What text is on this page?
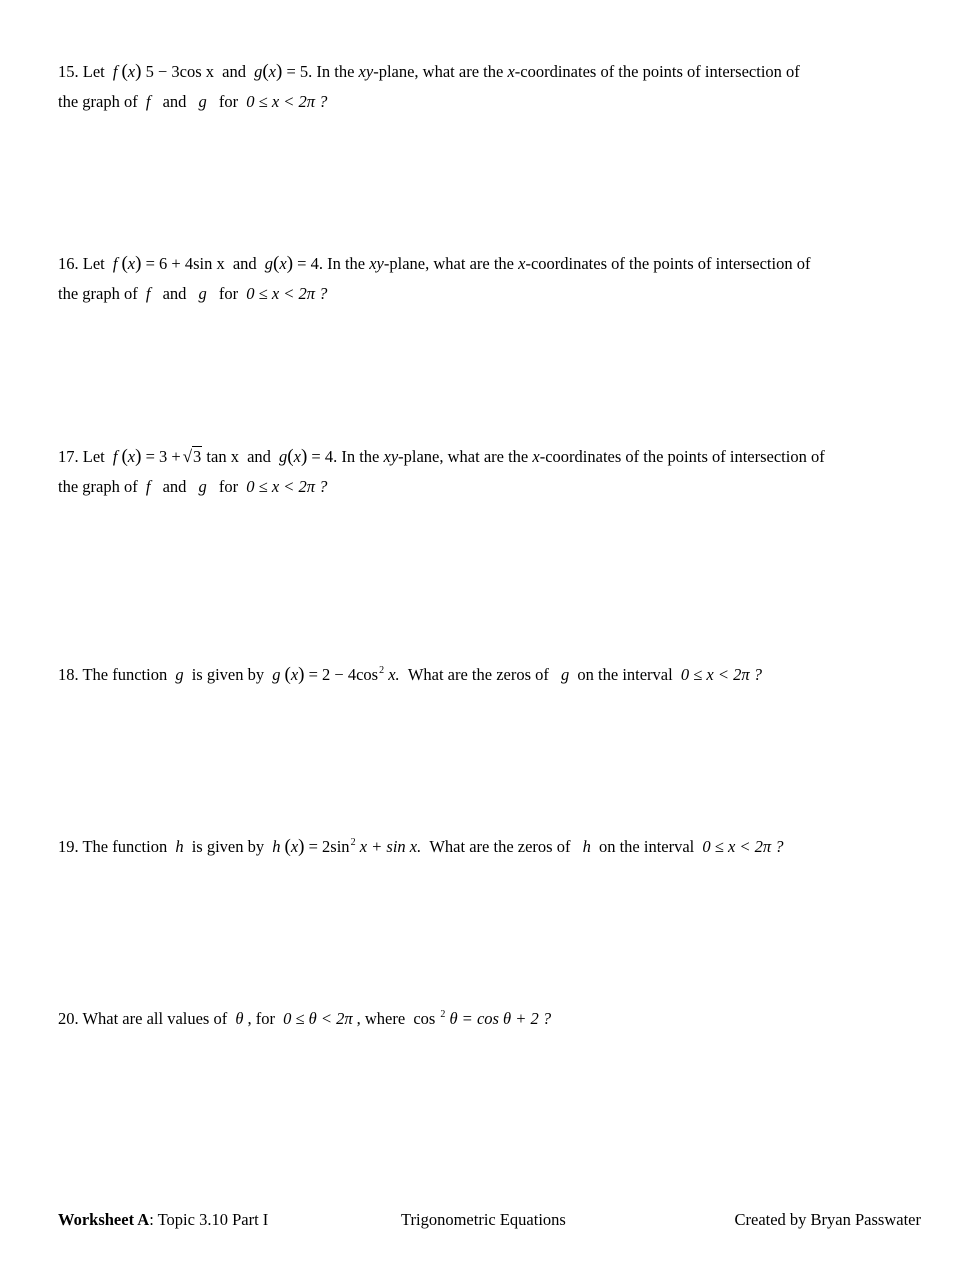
15. Let f (x) 5 − 3cos x and g(x) = 5. In the xy-plane, what are the x-coordinates of the points of intersection of
the graph of f and g for 0 ≤ x < 2π ?
16. Let f (x) = 6 + 4sin x and g(x) = 4. In the xy-plane, what are the x-coordinates of the points of intersection of
the graph of f and g for 0 ≤ x < 2π ?
17. Let f (x) = 3 + √3 tan x and g(x) = 4. In the xy-plane, what are the x-coordinates of the points of intersection of
the graph of f and g for 0 ≤ x < 2π ?
18. The function g is given by g $(x) = 2 - 4\cos^2$ x. What are the zeros of g on the interval 0 ≤ x < 2π ?
19. The function h is given by h $(x) = 2\sin^2$ x + sin x. What are the zeros of h on the interval 0 ≤ x < 2π ?
20. What are all values of θ , for 0 ≤ θ < 2π , where cos $^2$ θ = cos θ + 2 ?
Worksheet A: Topic 3.10 Part I	Trigonometric Equations	Created by Bryan Passwater
